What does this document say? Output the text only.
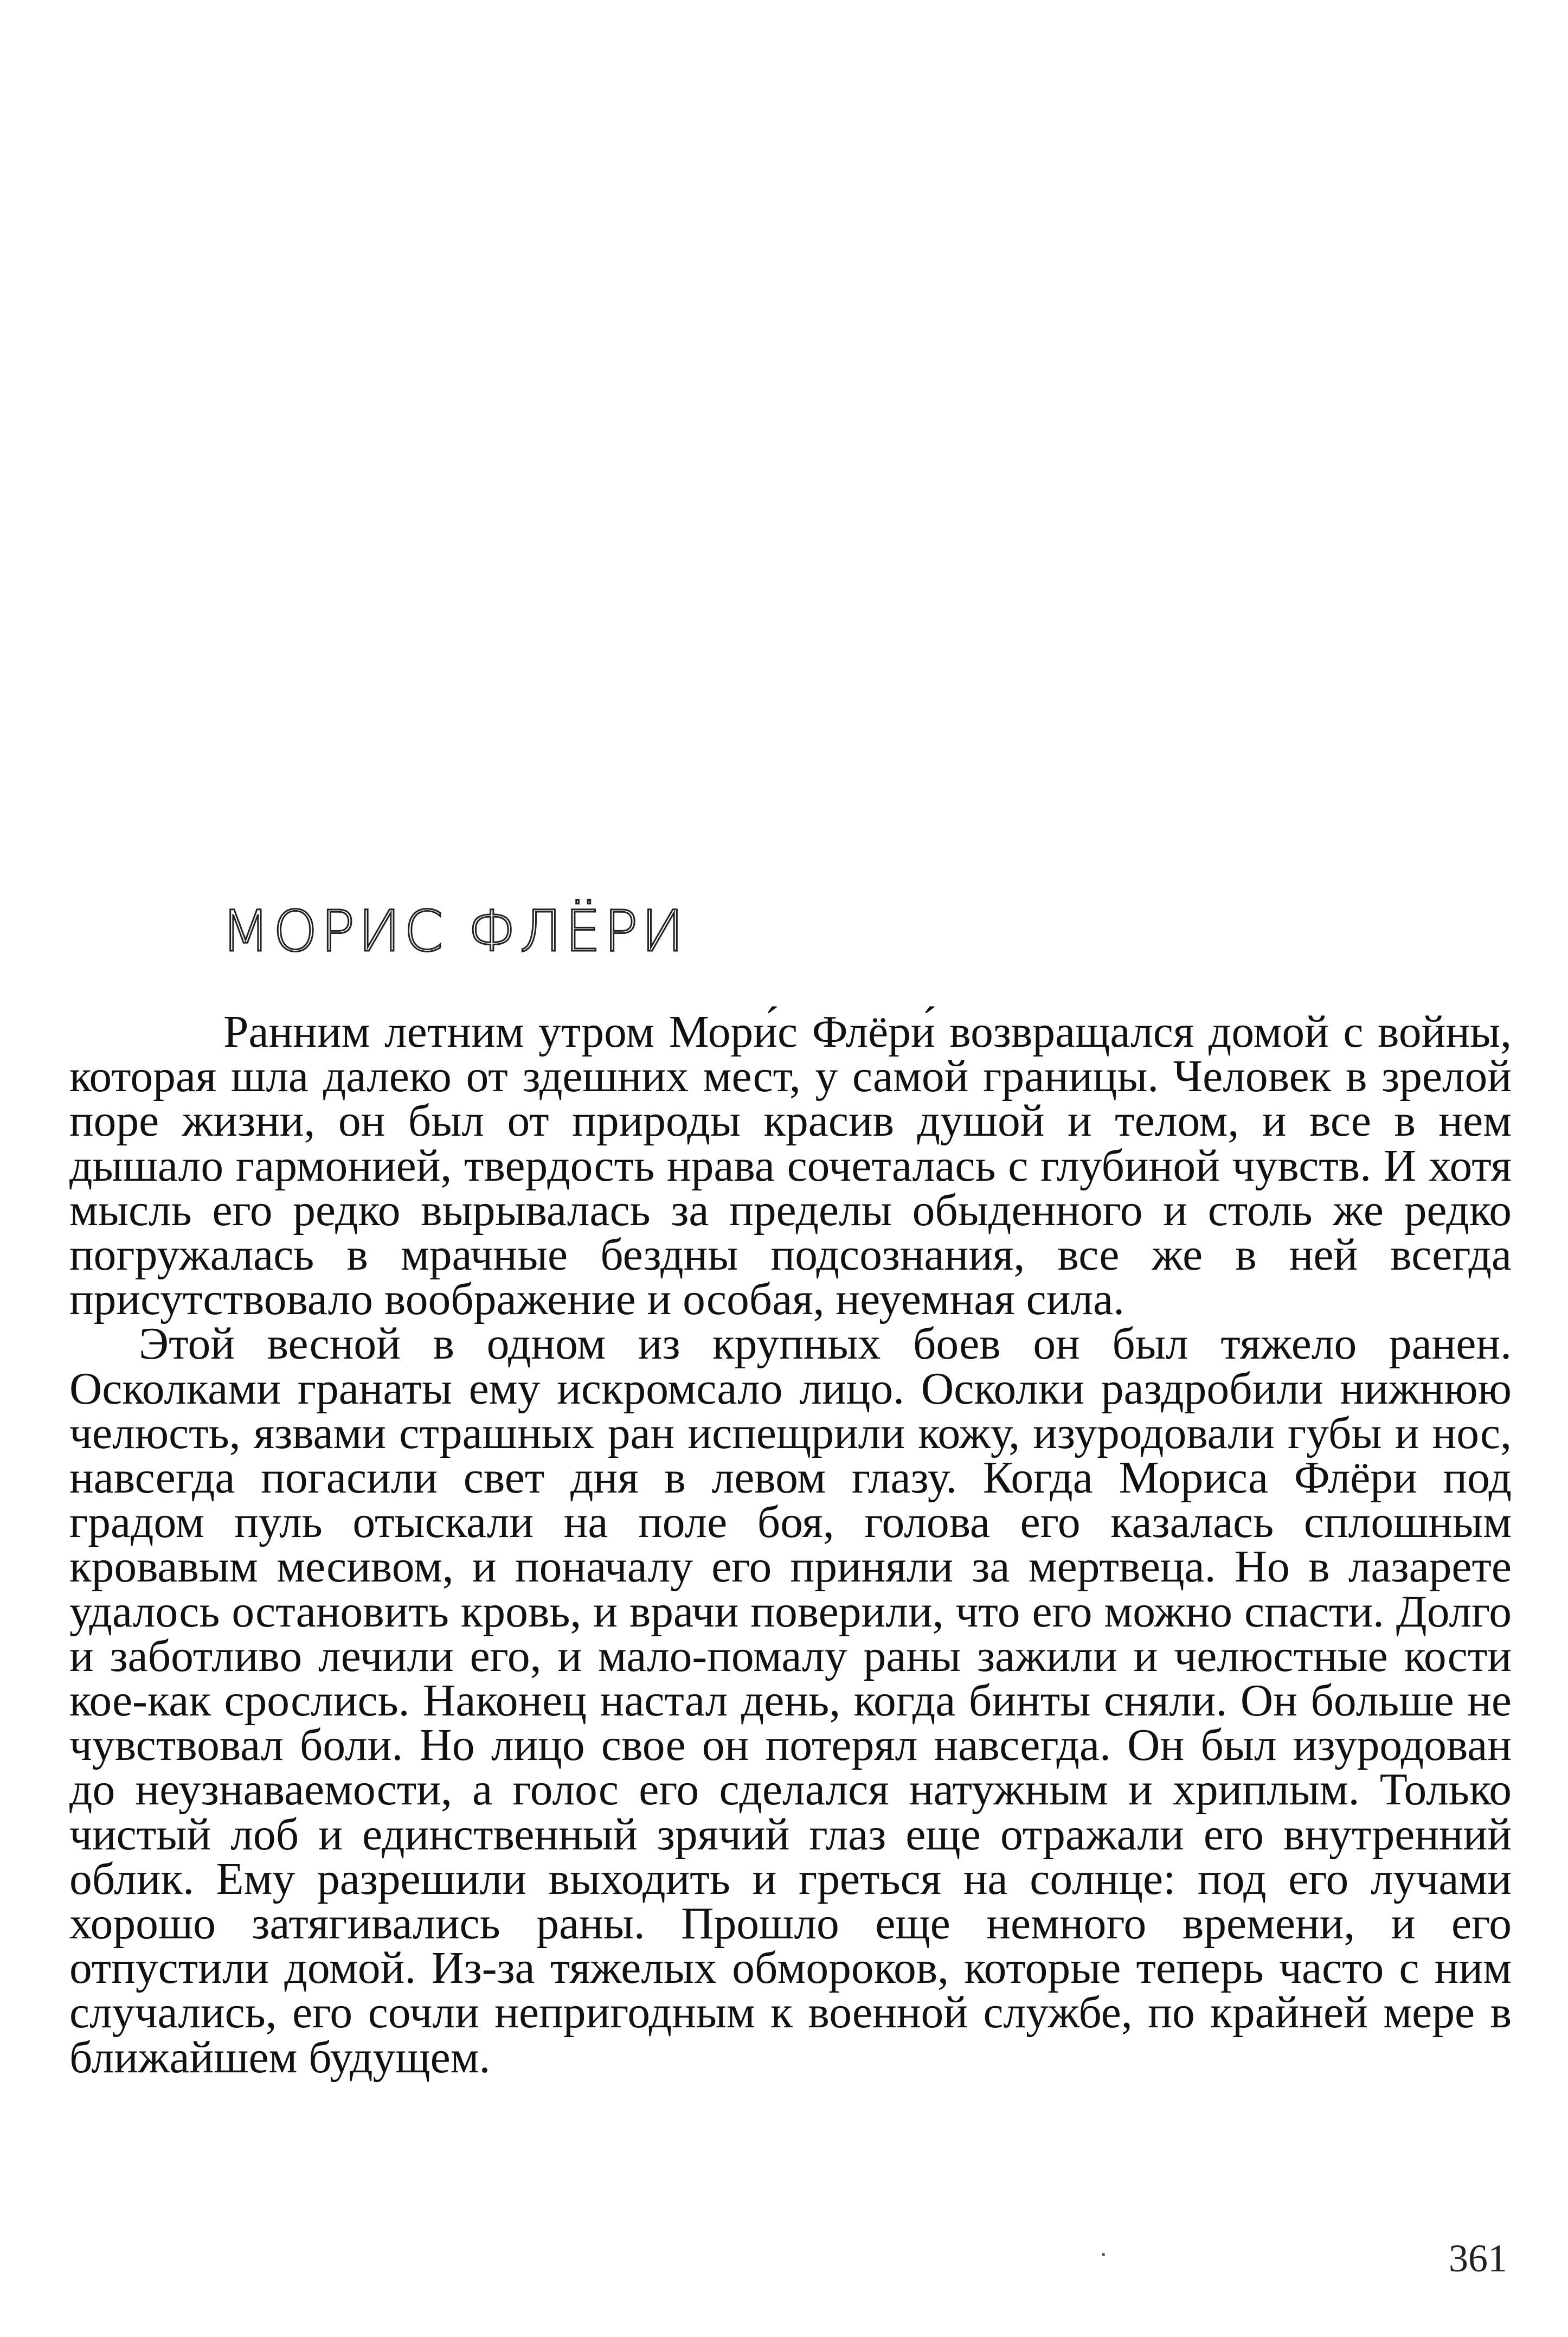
МОРИС ФЛЁРИ

Ранним летним утром Мори́с Флёри́ возвращался домой с войны, которая шла далеко от здешних мест, у самой границы. Человек в зрелой поре жизни, он был от природы красив душой и телом, и все в нем дышало гармонией, твердость нрава сочеталась с глубиной чувств. И хотя мысль его редко вырывалась за пределы обыденного и столь же редко погружалась в мрачные бездны подсознания, все же в ней всегда присутствовало воображение и особая, неуемная сила.

Этой весной в одном из крупных боев он был тяжело ранен. Осколками гранаты ему искромсало лицо. Осколки раздробили нижнюю челюсть, язвами страшных ран испещрили кожу, изуродовали губы и нос, навсегда погасили свет дня в левом глазу. Когда Мориса Флёри под градом пуль отыскали на поле боя, голова его казалась сплошным кровавым месивом, и поначалу его приняли за мертвеца. Но в лазарете удалось остановить кровь, и врачи поверили, что его можно спасти. Долго и заботливо лечили его, и мало-помалу раны зажили и челюстные кости кое-как срослись. Наконец настал день, когда бинты сняли. Он больше не чувствовал боли. Но лицо свое он потерял навсегда. Он был изуродован до неузнаваемости, а голос его сделался натужным и хриплым. Только чистый лоб и единственный зрячий глаз еще отражали его внутренний облик. Ему разрешили выходить и греться на солнце: под его лучами хорошо затягивались раны. Прошло еще немного времени, и его отпустили домой. Из-за тяжелых обмороков, которые теперь часто с ним случались, его сочли непригодным к военной службе, по крайней мере в ближайшем будущем.

361
